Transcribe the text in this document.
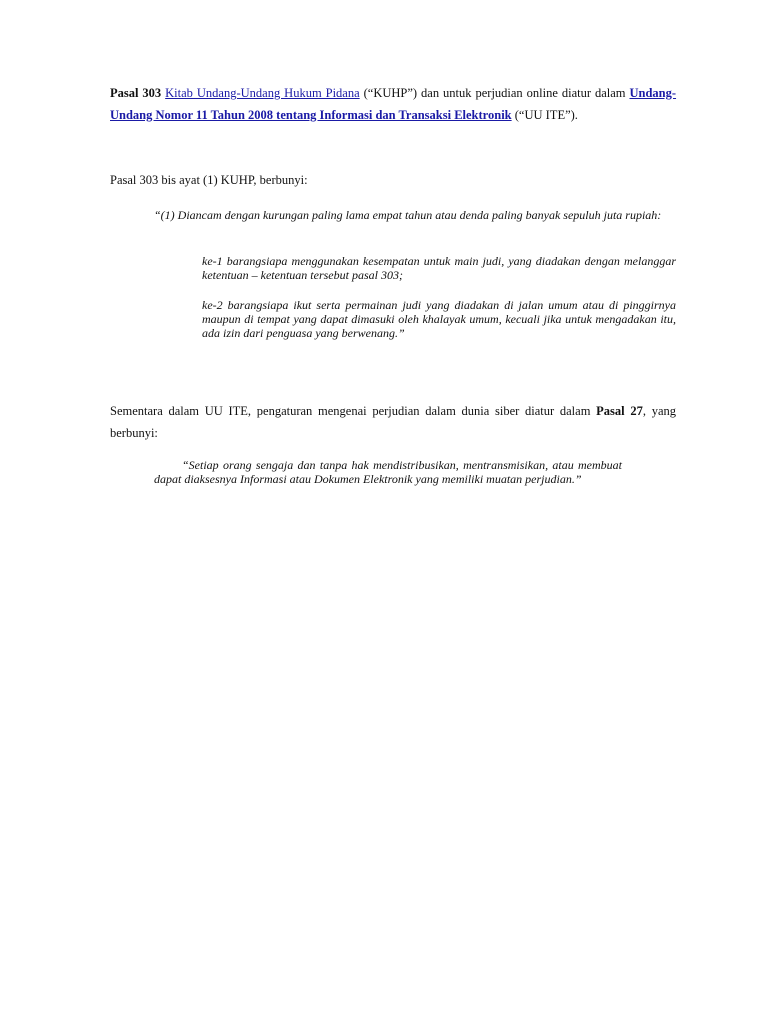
Pasal 303 Kitab Undang-Undang Hukum Pidana (“KUHP”) dan untuk perjudian online diatur dalam Undang-Undang Nomor 11 Tahun 2008 tentang Informasi dan Transaksi Elektronik (“UU ITE”).

Pasal 303 bis ayat (1) KUHP, berbunyi:

“(1) Diancam dengan kurungan paling lama empat tahun atau denda paling banyak sepuluh juta rupiah:

ke-1 barangsiapa menggunakan kesempatan untuk main judi, yang diadakan dengan melanggar ketentuan – ketentuan tersebut pasal 303;

ke-2 barangsiapa ikut serta permainan judi yang diadakan di jalan umum atau di pinggirnya maupun di tempat yang dapat dimasuki oleh khalayak umum, kecuali jika untuk mengadakan itu, ada izin dari penguasa yang berwenang.”

Sementara dalam UU ITE, pengaturan mengenai perjudian dalam dunia siber diatur dalam Pasal 27, yang berbunyi:

“Setiap orang sengaja dan tanpa hak mendistribusikan, mentransmisikan, atau membuat dapat diaksesnya Informasi atau Dokumen Elektronik yang memiliki muatan perjudian.”
